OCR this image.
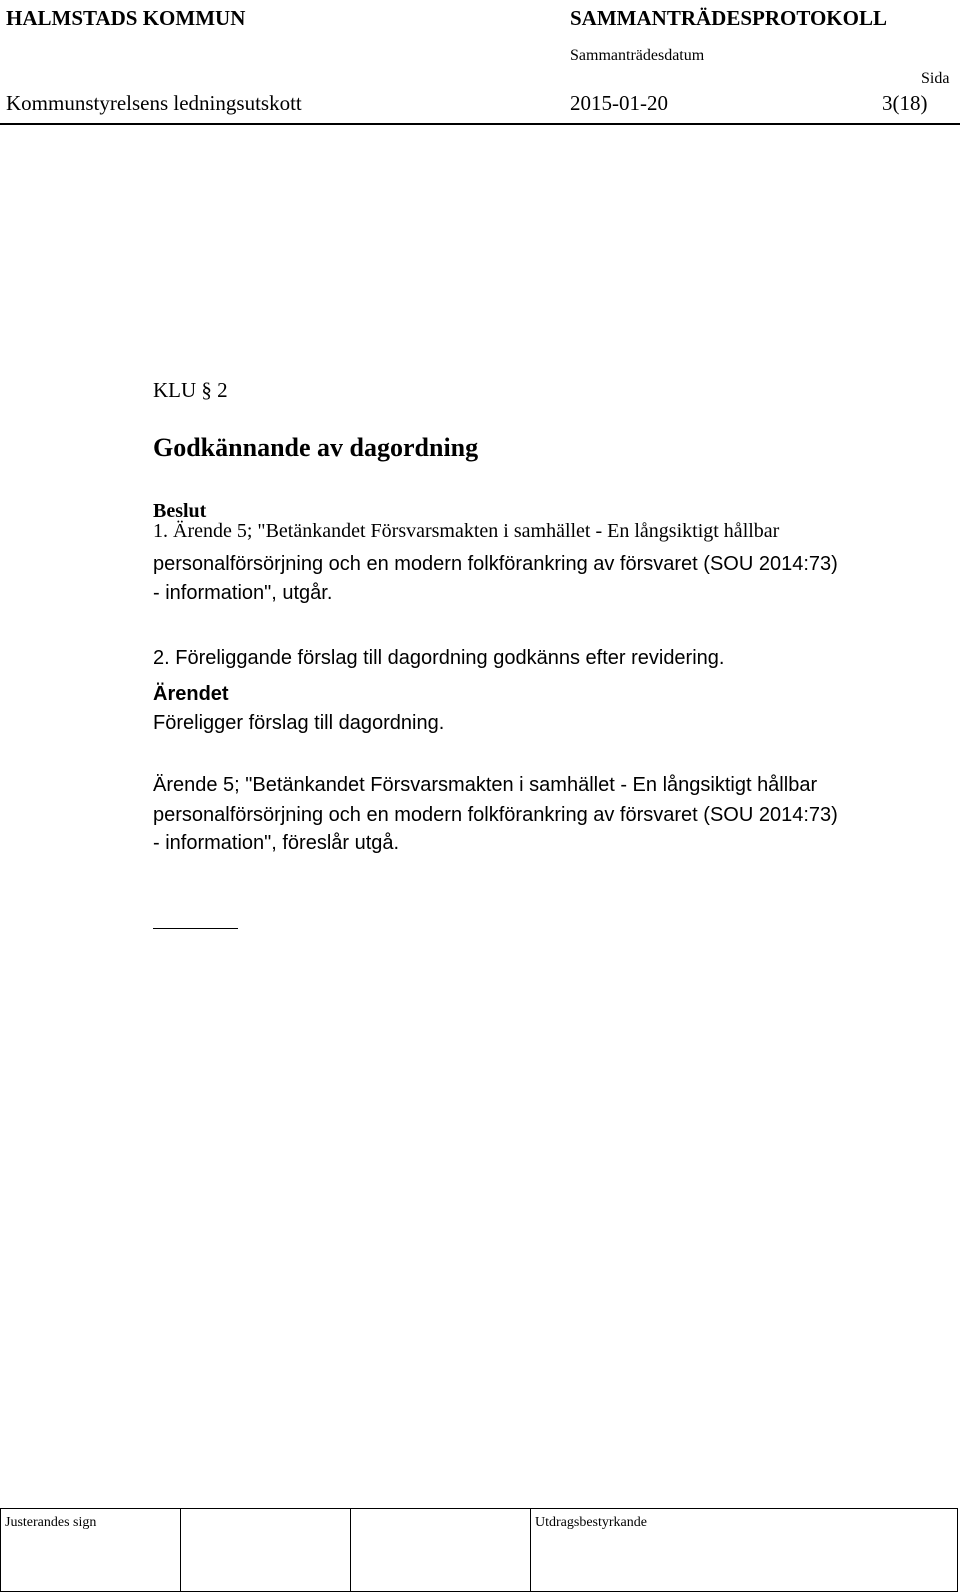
HALMSTADS KOMMUN	SAMMANTRÄDESPROTOKOLL
Sammanträdesdatum
Sida
Kommunstyrelsens ledningsutskott	2015-01-20	3(18)
KLU § 2
Godkännande av dagordning
Beslut
1. Ärende 5; "Betänkandet Försvarsmakten i samhället - En långsiktigt hållbar
personalförsörjning och en modern folkförankring av försvaret (SOU 2014:73)
- information", utgår.
2. Föreliggande förslag till dagordning godkänns efter revidering.
Ärendet
Föreligger förslag till dagordning.
Ärende 5; "Betänkandet Försvarsmakten i samhället - En långsiktigt hållbar
personalförsörjning och en modern folkförankring av försvaret (SOU 2014:73)
- information", föreslår utgå.
Justerandes sign	Utdragsbestyrkande
